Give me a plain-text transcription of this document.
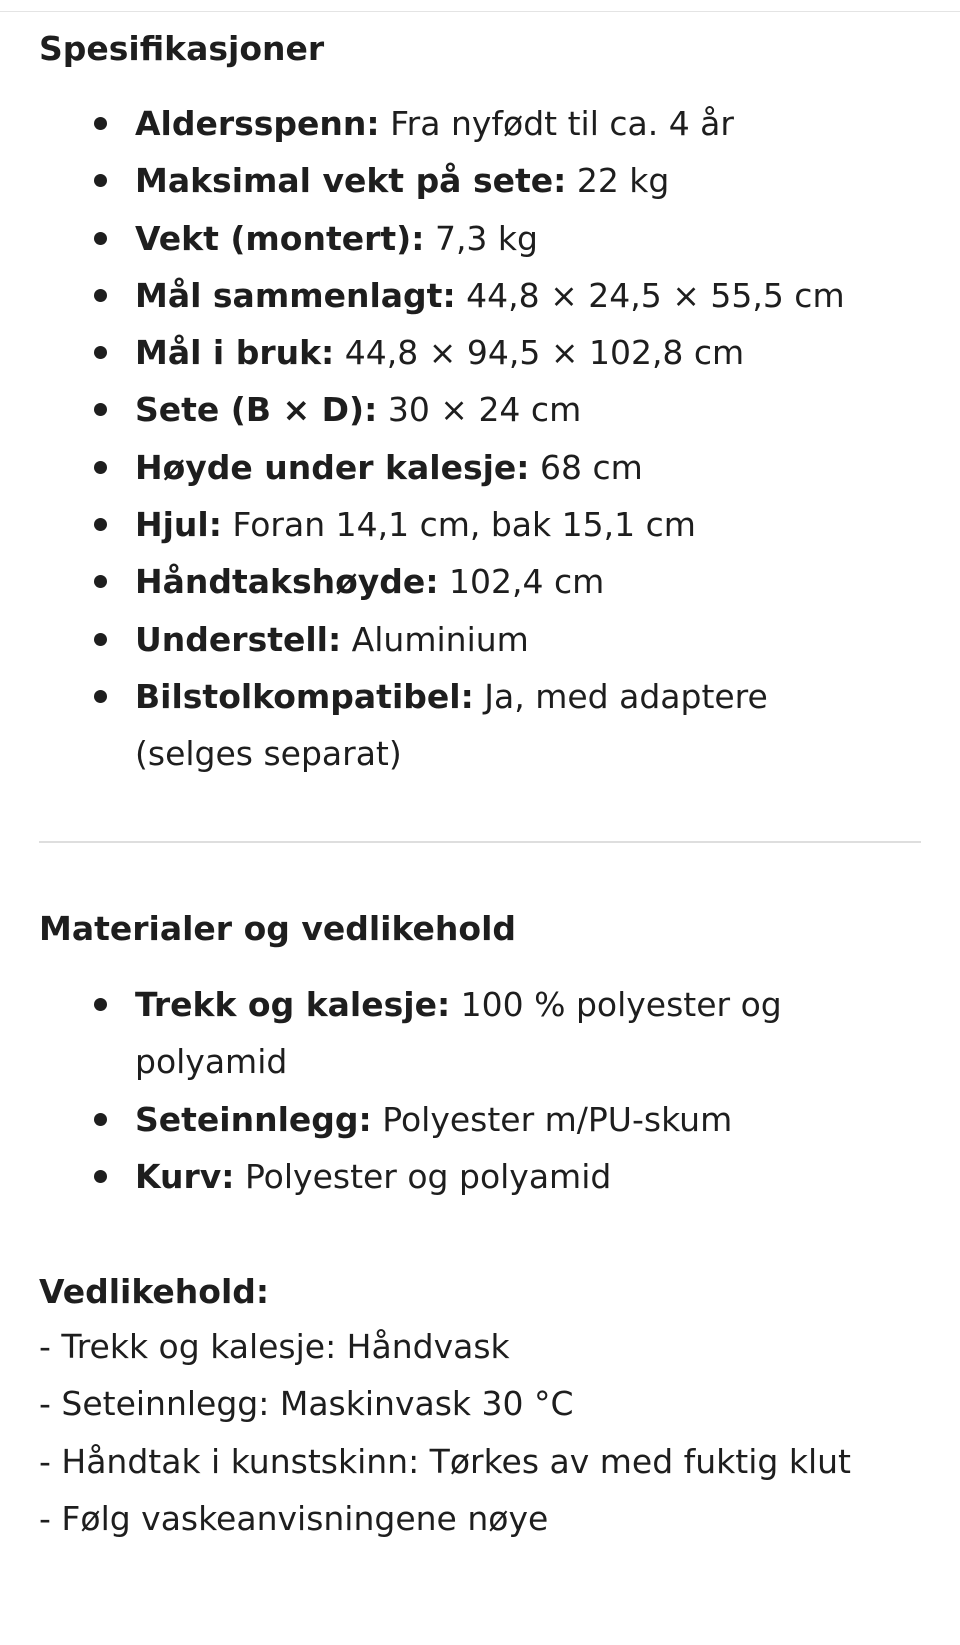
Spesifikasjoner
Aldersspenn: Fra nyfødt til ca. 4 år
Maksimal vekt på sete: 22 kg
Vekt (montert): 7,3 kg
Mål sammenlagt: 44,8 × 24,5 × 55,5 cm
Mål i bruk: 44,8 × 94,5 × 102,8 cm
Sete (B × D): 30 × 24 cm
Høyde under kalesje: 68 cm
Hjul: Foran 14,1 cm, bak 15,1 cm
Håndtakshøyde: 102,4 cm
Understell: Aluminium
Bilstolkompatibel: Ja, med adaptere (selges separat)
Materialer og vedlikehold
Trekk og kalesje: 100 % polyester og polyamid
Seteinnlegg: Polyester m/PU-skum
Kurv: Polyester og polyamid
Vedlikehold:
- Trekk og kalesje: Håndvask
- Seteinnlegg: Maskinvask 30 °C
- Håndtak i kunstskinn: Tørkes av med fuktig klut
- Følg vaskeanvisningene nøye
